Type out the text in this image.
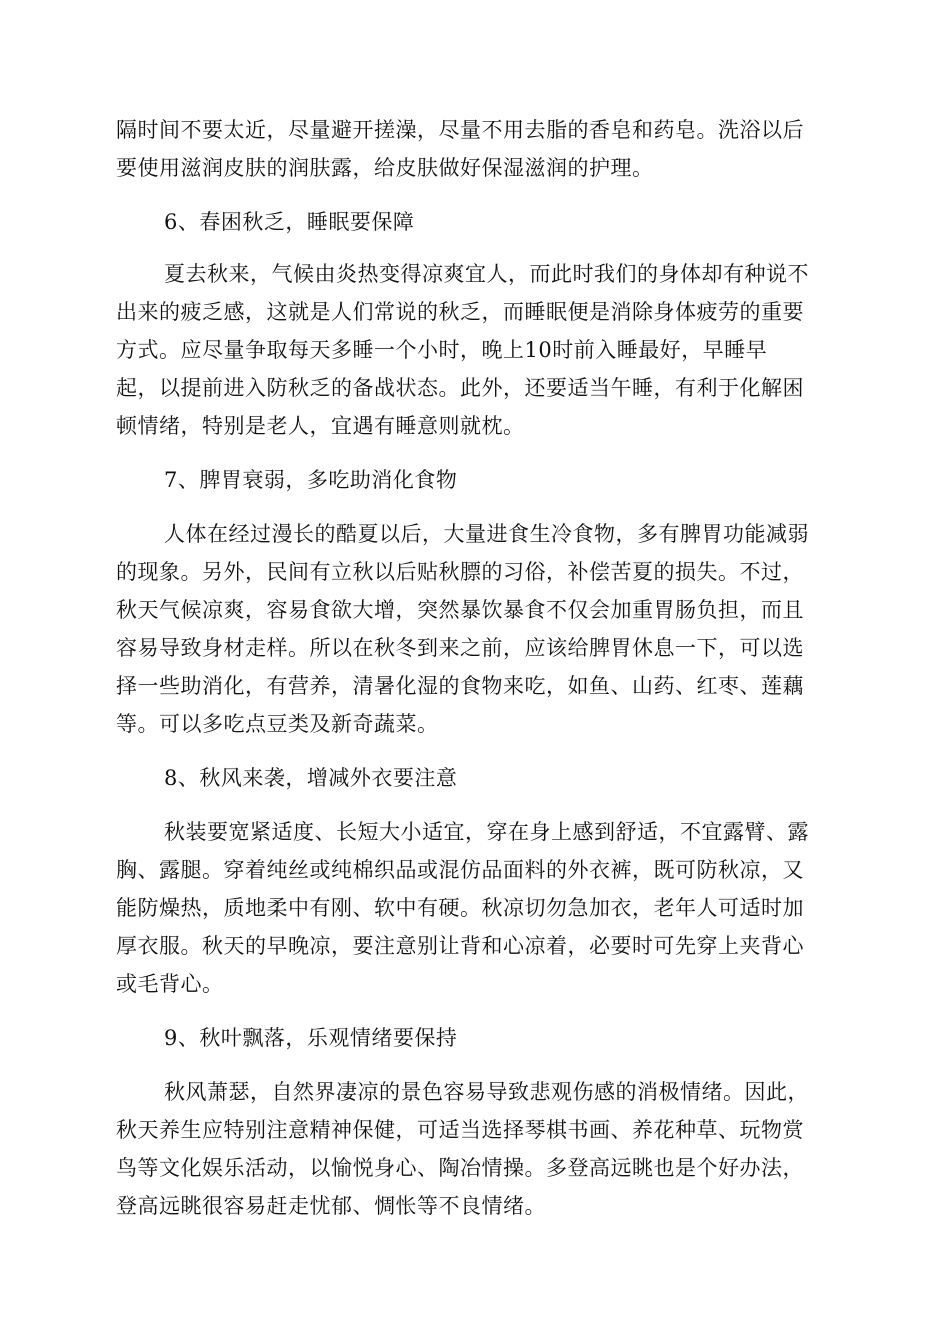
隔时间不要太近，尽量避开搓澡，尽量不用去脂的香皂和药皂。洗浴以后
要使用滋润皮肤的润肤露，给皮肤做好保湿滋润的护理。
6、春困秋乏，睡眠要保障
夏去秋来，气候由炎热变得凉爽宜人，而此时我们的身体却有种说不
出来的疲乏感，这就是人们常说的秋乏，而睡眠便是消除身体疲劳的重要
方式。应尽量争取每天多睡一个小时，晚上10时前入睡最好，早睡早
起，以提前进入防秋乏的备战状态。此外，还要适当午睡，有利于化解困
顿情绪，特别是老人，宜遇有睡意则就枕。
7、脾胃衰弱，多吃助消化食物
人体在经过漫长的酷夏以后，大量进食生冷食物，多有脾胃功能减弱
的现象。另外，民间有立秋以后贴秋膘的习俗，补偿苦夏的损失。不过，
秋天气候凉爽，容易食欲大增，突然暴饮暴食不仅会加重胃肠负担，而且
容易导致身材走样。所以在秋冬到来之前，应该给脾胃休息一下，可以选
择一些助消化，有营养，清暑化湿的食物来吃，如鱼、山药、红枣、莲藕
等。可以多吃点豆类及新奇蔬菜。
8、秋风来袭，增减外衣要注意
秋装要宽紧适度、长短大小适宜，穿在身上感到舒适，不宜露臂、露
胸、露腿。穿着纯丝或纯棉织品或混仿品面料的外衣裤，既可防秋凉，又
能防燥热，质地柔中有刚、软中有硬。秋凉切勿急加衣，老年人可适时加
厚衣服。秋天的早晚凉，要注意别让背和心凉着，必要时可先穿上夹背心
或毛背心。
9、秋叶飘落，乐观情绪要保持
秋风萧瑟，自然界凄凉的景色容易导致悲观伤感的消极情绪。因此，
秋天养生应特别注意精神保健，可适当选择琴棋书画、养花种草、玩物赏
鸟等文化娱乐活动，以愉悦身心、陶冶情操。多登高远眺也是个好办法，
登高远眺很容易赶走忧郁、惆怅等不良情绪。
